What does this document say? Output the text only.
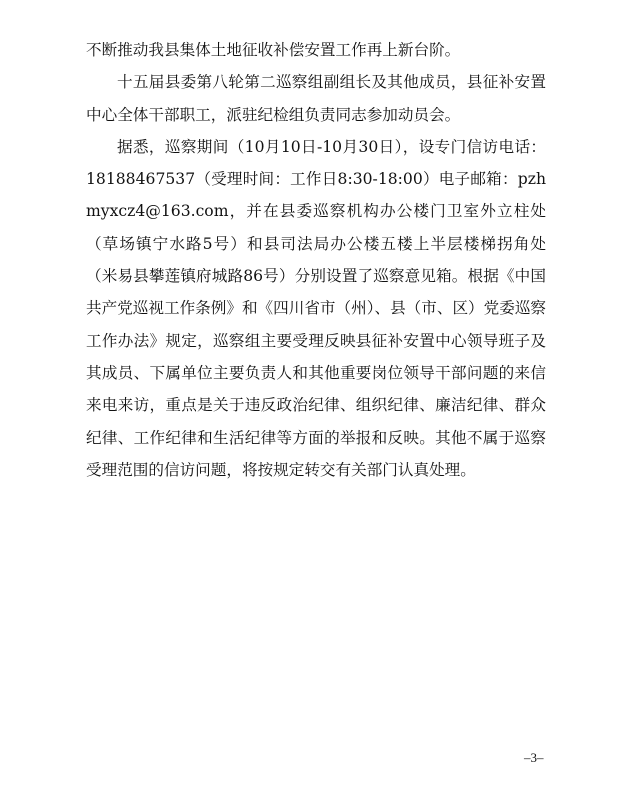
不断推动我县集体土地征收补偿安置工作再上新台阶。

十五届县委第八轮第二巡察组副组长及其他成员，县征补安置中心全体干部职工，派驻纪检组负责同志参加动员会。

据悉，巡察期间（10月10日-10月30日），设专门信访电话：18188467537（受理时间：工作日8:30-18:00）电子邮箱：pzhmyxcz4@163.com，并在县委巡察机构办公楼门卫室外立柱处（草场镇宁水路5号）和县司法局办公楼五楼上半层楼梯拐角处（米易县攀莲镇府城路86号）分别设置了巡察意见箱。根据《中国共产党巡视工作条例》和《四川省市（州）、县（市、区）党委巡察工作办法》规定，巡察组主要受理反映县征补安置中心领导班子及其成员、下属单位主要负责人和其他重要岗位领导干部问题的来信来电来访，重点是关于违反政治纪律、组织纪律、廉洁纪律、群众纪律、工作纪律和生活纪律等方面的举报和反映。其他不属于巡察受理范围的信访问题，将按规定转交有关部门认真处理。

–3–
